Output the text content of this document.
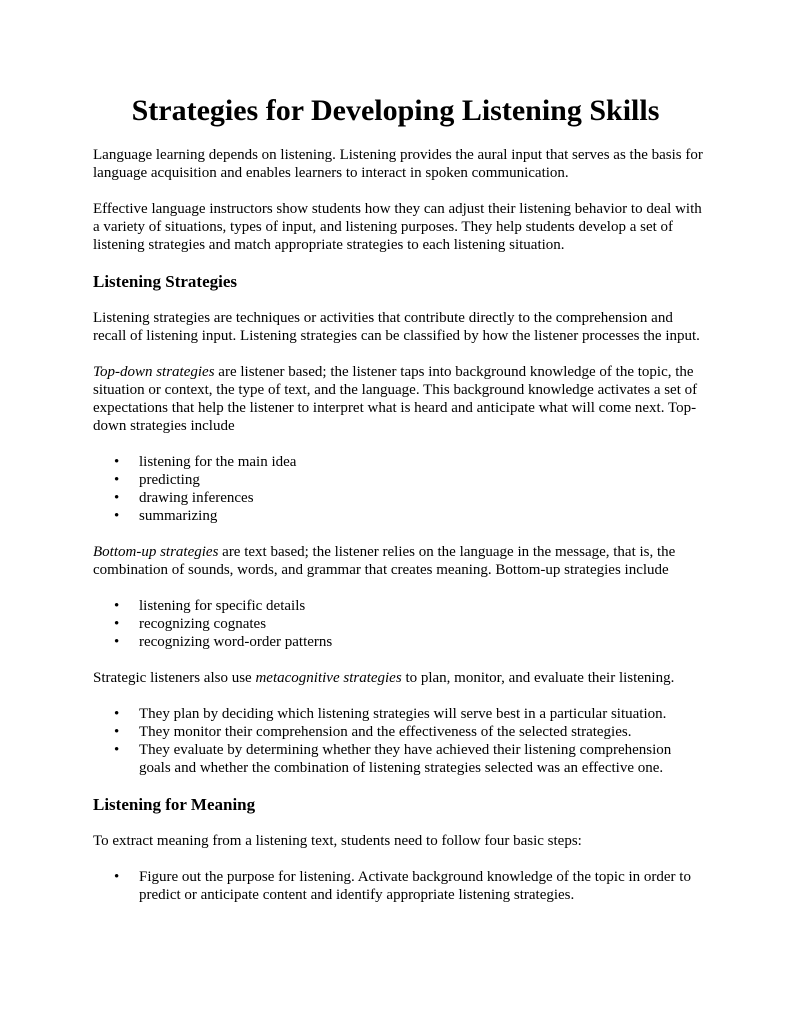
Strategies for Developing Listening Skills

Language learning depends on listening. Listening provides the aural input that serves as the basis for language acquisition and enables learners to interact in spoken communication.

Effective language instructors show students how they can adjust their listening behavior to deal with a variety of situations, types of input, and listening purposes. They help students develop a set of listening strategies and match appropriate strategies to each listening situation.

Listening Strategies

Listening strategies are techniques or activities that contribute directly to the comprehension and recall of listening input. Listening strategies can be classified by how the listener processes the input.

Top-down strategies are listener based; the listener taps into background knowledge of the topic, the situation or context, the type of text, and the language. This background knowledge activates a set of expectations that help the listener to interpret what is heard and anticipate what will come next. Top-down strategies include

• listening for the main idea
• predicting
• drawing inferences
• summarizing

Bottom-up strategies are text based; the listener relies on the language in the message, that is, the combination of sounds, words, and grammar that creates meaning. Bottom-up strategies include

• listening for specific details
• recognizing cognates
• recognizing word-order patterns

Strategic listeners also use metacognitive strategies to plan, monitor, and evaluate their listening.

• They plan by deciding which listening strategies will serve best in a particular situation.
• They monitor their comprehension and the effectiveness of the selected strategies.
• They evaluate by determining whether they have achieved their listening comprehension goals and whether the combination of listening strategies selected was an effective one.
Listening for Meaning

To extract meaning from a listening text, students need to follow four basic steps:

• Figure out the purpose for listening. Activate background knowledge of the topic in order to predict or anticipate content and identify appropriate listening strategies.
